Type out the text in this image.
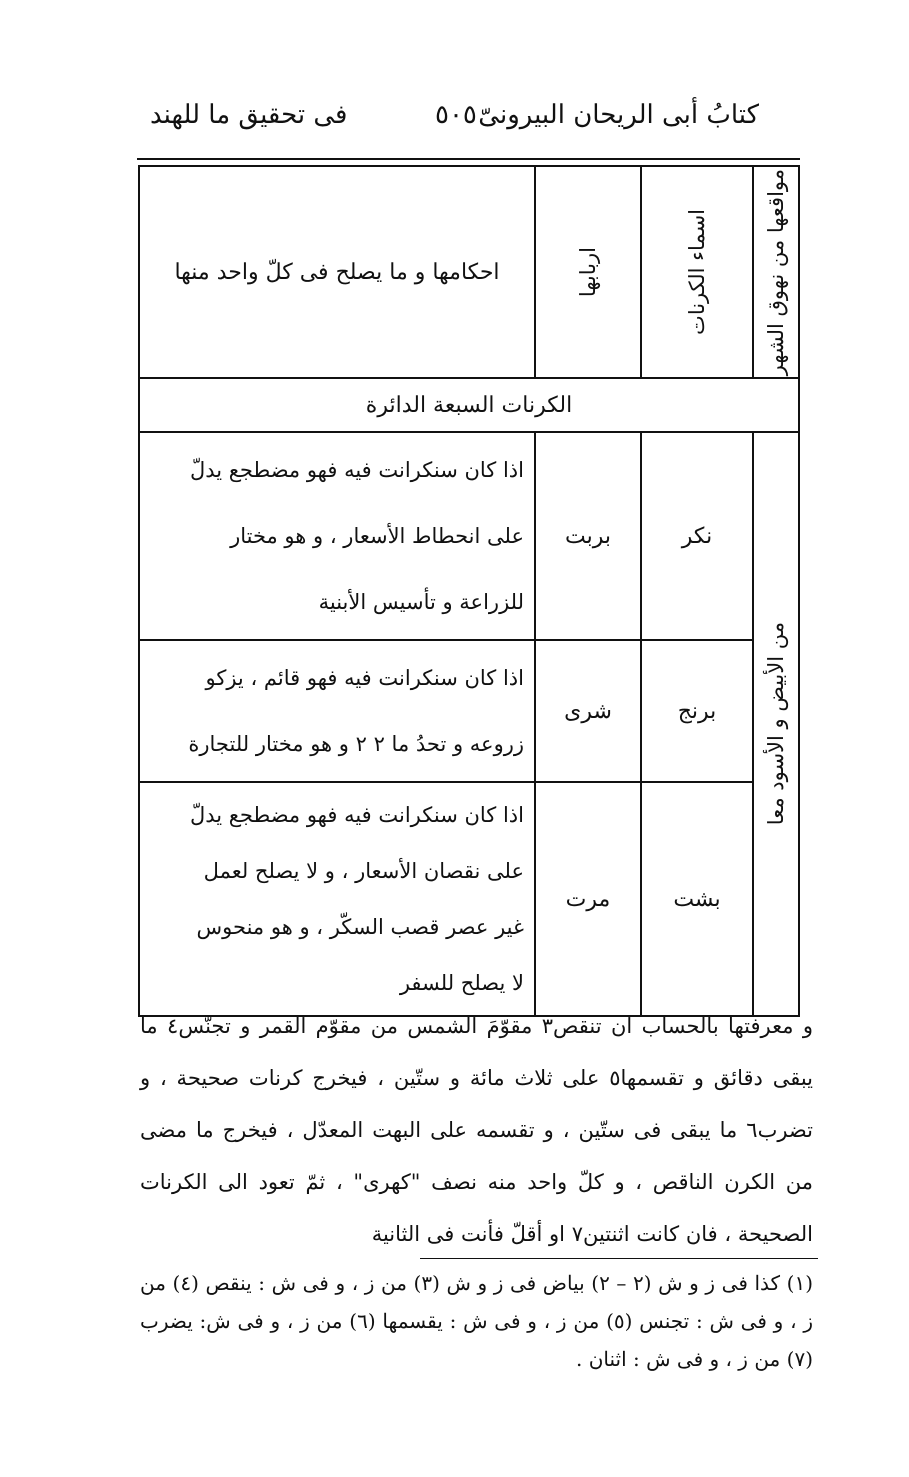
كتابُ أبى الريحان البيرونىّ
٥٠٥
فى تحقيق ما للهند
مواقعها من نهوق الشهر	اسماء الكرنات	اربابها	احكامها و ما يصلح فى كلّ واحد منها

الكرنات السبعة الدائرة			

من الأبيض و الأسود معا	نكر	بربت	اذا كان سنكرانت فيه فهو مضطجع يدلّ
على انحطاط الأسعار ، و هو مختار
للزراعة و تأسيس الأبنية

	برنج	شرى	اذا كان سنكرانت فيه فهو قائم ، يزكو
زروعه و تحدُ ما ٢ ٢ و هو مختار للتجارة

	بشت	مرت	اذا كان سنكرانت فيه فهو مضطجع يدلّ
على نقصان الأسعار ، و لا يصلح لعمل
غير عصر قصب السكّر ، و هو منحوس
لا يصلح للسفر
و معرفتها بالحساب ان تنقص٣ مقوّمَ الشمس من مقوّم القمر و تجنّس٤ ما يبقى دقائق و تقسمها٥ على ثلاث مائة و ستّين ، فيخرج كرنات صحيحة ، و تضرب٦ ما يبقى فى ستّين ، و تقسمه على البهت المعدّل ، فيخرج ما مضى من الكرن الناقص ، و كلّ واحد منه نصف "كهرى" ، ثمّ تعود الى الكرنات الصحيحة ، فان كانت اثنتين٧ او أقلّ فأنت فى الثانية
(١) كذا فى ز و ش (٢ – ٢) بياض فى ز و ش (٣) من ز ، و فى ش : ينقص (٤) من ز ، و فى ش : تجنس (٥) من ز ، و فى ش : يقسمها (٦) من ز ، و فى ش: يضرب (٧) من ز ، و فى ش : اثنان .
